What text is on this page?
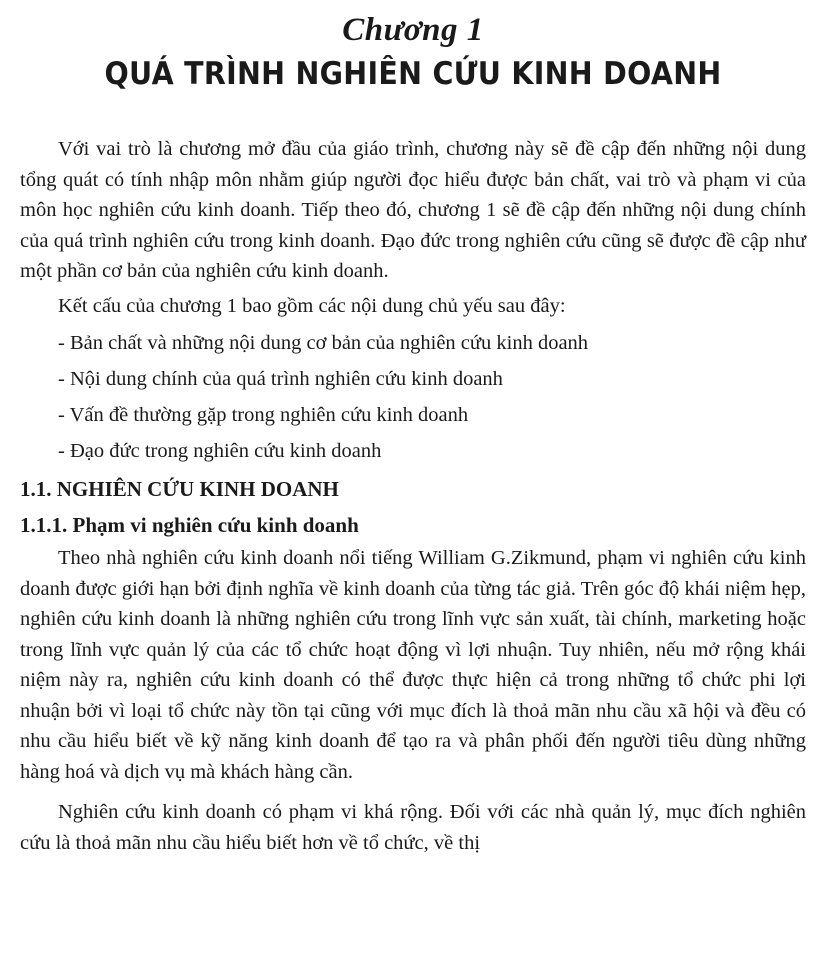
Chương 1
QUÁ TRÌNH NGHIÊN CỨU KINH DOANH

Với vai trò là chương mở đầu của giáo trình, chương này sẽ đề cập đến những nội dung tổng quát có tính nhập môn nhằm giúp người đọc hiểu được bản chất, vai trò và phạm vi của môn học nghiên cứu kinh doanh. Tiếp theo đó, chương 1 sẽ đề cập đến những nội dung chính của quá trình nghiên cứu trong kinh doanh. Đạo đức trong nghiên cứu cũng sẽ được đề cập như một phần cơ bản của nghiên cứu kinh doanh.

Kết cấu của chương 1 bao gồm các nội dung chủ yếu sau đây:

- Bản chất và những nội dung cơ bản của nghiên cứu kinh doanh
- Nội dung chính của quá trình nghiên cứu kinh doanh
- Vấn đề thường gặp trong nghiên cứu kinh doanh
- Đạo đức trong nghiên cứu kinh doanh
1.1. NGHIÊN CỨU KINH DOANH
1.1.1. Phạm vi nghiên cứu kinh doanh

Theo nhà nghiên cứu kinh doanh nổi tiếng William G.Zikmund, phạm vi nghiên cứu kinh doanh được giới hạn bởi định nghĩa về kinh doanh của từng tác giả. Trên góc độ khái niệm hẹp, nghiên cứu kinh doanh là những nghiên cứu trong lĩnh vực sản xuất, tài chính, marketing hoặc trong lĩnh vực quản lý của các tổ chức hoạt động vì lợi nhuận. Tuy nhiên, nếu mở rộng khái niệm này ra, nghiên cứu kinh doanh có thể được thực hiện cả trong những tổ chức phi lợi nhuận bởi vì loại tổ chức này tồn tại cũng với mục đích là thoả mãn nhu cầu xã hội và đều có nhu cầu hiểu biết về kỹ năng kinh doanh để tạo ra và phân phối đến người tiêu dùng những hàng hoá và dịch vụ mà khách hàng cần.

Nghiên cứu kinh doanh có phạm vi khá rộng. Đối với các nhà quản lý, mục đích nghiên cứu là thoả mãn nhu cầu hiểu biết hơn về tổ chức, về thị
